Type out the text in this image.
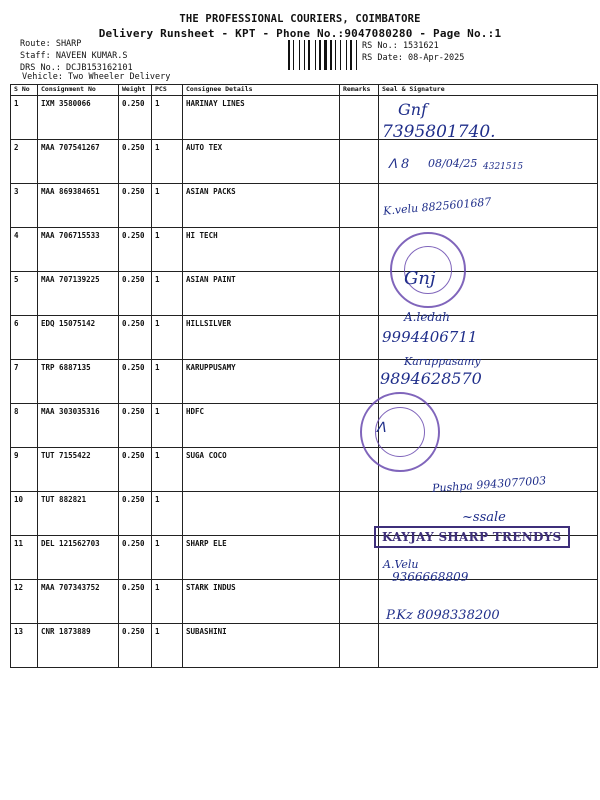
THE PROFESSIONAL COURIERS, COIMBATORE
Delivery Runsheet - KPT - Phone No.:9047080280 - Page No.:1
Route: SHARP
Staff: NAVEEN KUMAR.S
DRS No.: DCJB153162101
Vehicle: Two Wheeler Delivery
RS No.: 1531621
RS Date: 08-Apr-2025
S No	Consignment No	Weight	PCS	Consignee Details	Remarks	Seal & Signature
1	IXM 3580066	0.250	1	HARINAY LINES		
2	MAA 707541267	0.250	1	AUTO TEX		
3	MAA 869384651	0.250	1	ASIAN PACKS		
4	MAA 706715533	0.250	1	HI TECH		
5	MAA 707139225	0.250	1	ASIAN PAINT		
6	EDQ 15075142	0.250	1	HILLSILVER		
7	TRP 6887135	0.250	1	KARUPPUSAMY		
8	MAA 303035316	0.250	1	HDFC		
9	TUT 7155422	0.250	1	SUGA COCO		
10	TUT 882821	0.250	1			
11	DEL 121562703	0.250	1	SHARP ELE		
12	MAA 707343752	0.250	1	STARK INDUS		
13	CNR 1873889	0.250	1	SUBASHINI		
Gnf
7395801740.
ᐱ 8 08/04/25 4321515
K.velu 8825601687
Gnj
A.ledah
9994406711
Karuppasamy
9894628570
ᐱ
Pushpa 9943077003
KAYJAY SHARP TRENDYS
~ssale
A.Velu
9366668809
P.Kz 8098338200
